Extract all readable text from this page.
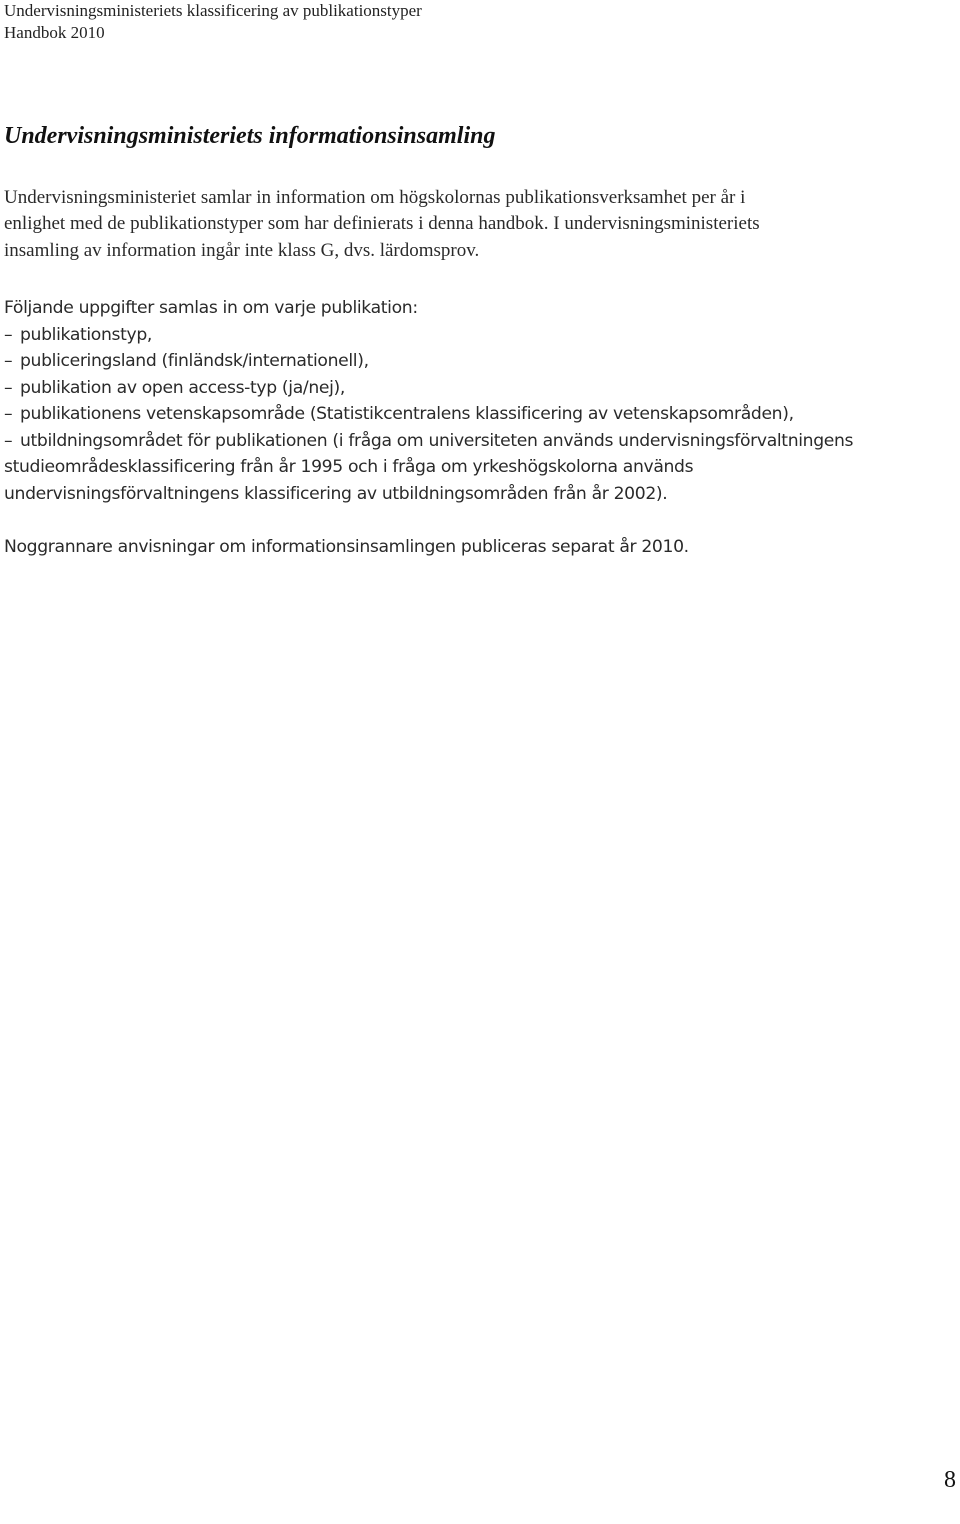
Undervisningsministeriets klassificering av publikationstyper
Handbok 2010
Undervisningsministeriets informationsinsamling
Undervisningsministeriet samlar in information om högskolornas publikationsverksamhet per år i
enlighet med de publikationstyper som har definierats i denna handbok. I undervisningsministeriets
insamling av information ingår inte klass G, dvs. lärdomsprov.
Följande uppgifter samlas in om varje publikation:
– publikationstyp,
– publiceringsland (finländsk/internationell),
– publikation av open access-typ (ja/nej),
– publikationens vetenskapsområde (Statistikcentralens klassificering av vetenskapsområden),
– utbildningsområdet för publikationen (i fråga om universiteten används undervisningsförvaltningens
studieområdesklassificering från år 1995 och i fråga om yrkeshögskolorna används
undervisningsförvaltningens klassificering av utbildningsområden från år 2002).
Noggrannare anvisningar om informationsinsamlingen publiceras separat år 2010.
8
